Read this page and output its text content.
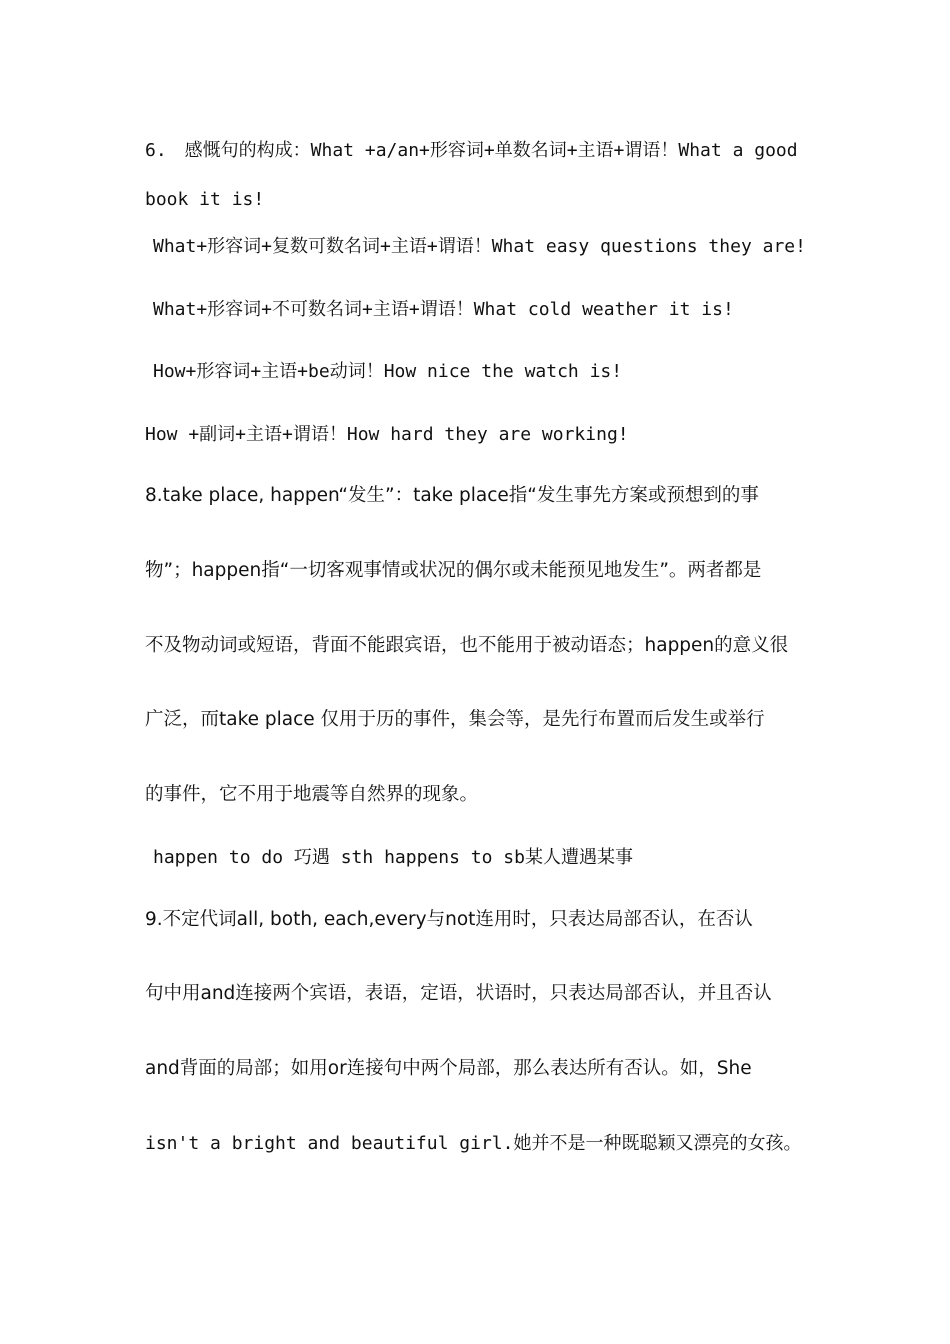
6.　感慨句的构成：What +a/an+形容词+单数名词+主语+谓语！What a good
book it is!
What+形容词+复数可数名词+主语+谓语！What easy questions they are!
What+形容词+不可数名词+主语+谓语！What cold weather it is!
How+形容词+主语+be动词！How nice the watch is!
How +副词+主语+谓语！How hard they are working!
8.take place, happen“发生”：take place指“发生事先方案或预想到的事
物”；happen指“一切客观事情或状况的偶尔或未能预见地发生”。两者都是
不及物动词或短语，背面不能跟宾语，也不能用于被动语态；happen的意义很
广泛，而take place 仅用于历的事件，集会等，是先行布置而后发生或举行
的事件，它不用于地震等自然界的现象。
happen to do 巧遇 sth happens to sb某人遭遇某事
9.不定代词all, both, each,every与not连用时，只表达局部否认，在否认
句中用and连接两个宾语，表语，定语，状语时，只表达局部否认，并且否认
and背面的局部；如用or连接句中两个局部，那么表达所有否认。如，She
isn't a bright and beautiful girl.她并不是一种既聪颖又漂亮的女孩。
